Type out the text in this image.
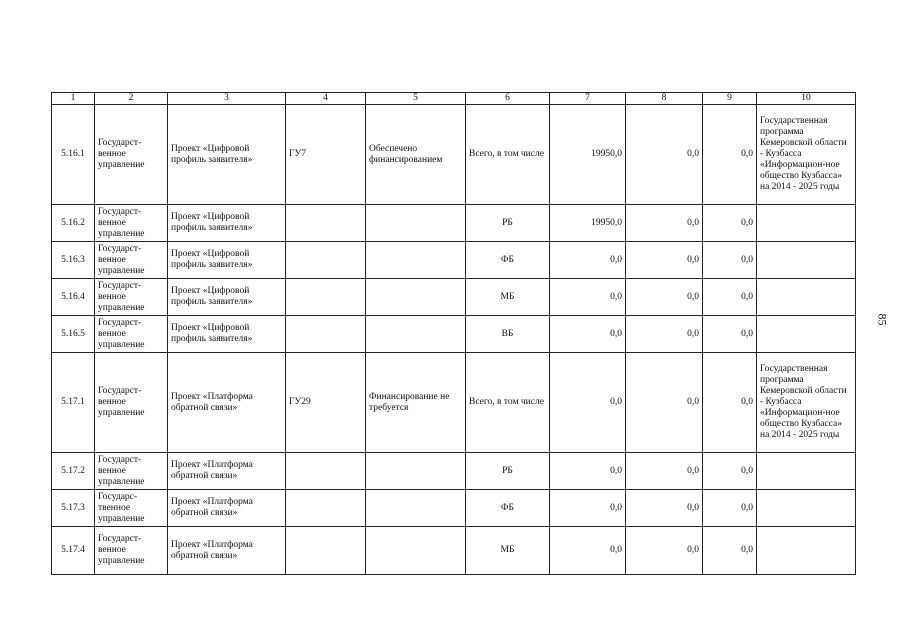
1	2	3	4	5	6	7	8	9	10
5.16.1	Государст-венное управление	Проект «Цифровой профиль заявителя»	ГУ7	Обеспечено финансированием	Всего, в том числе	19950,0	0,0	0,0	Государственная программа Кемеровской области - Кузбасса «Информацион-ное общество Кузбасса» на 2014 - 2025 годы
5.16.2	Государст-венное управление	Проект «Цифровой профиль заявителя»			РБ	19950,0	0,0	0,0	
5.16.3	Государст-венное управление	Проект «Цифровой профиль заявителя»			ФБ	0,0	0,0	0,0	
5.16.4	Государст-венное управление	Проект «Цифровой профиль заявителя»			МБ	0,0	0,0	0,0	
5.16.5	Государст-венное управление	Проект «Цифровой профиль заявителя»			ВБ	0,0	0,0	0,0	
5.17.1	Государст-венное управление	Проект «Платформа обратной связи»	ГУ29	Финансирование не требуется	Всего, в том числе	0,0	0,0	0,0	Государственная программа Кемеровской области - Кузбасса «Информацион-ное общество Кузбасса» на 2014 - 2025 годы
5.17.2	Государст-венное управление	Проект «Платформа обратной связи»			РБ	0,0	0,0	0,0	
5.17.3	Государс-твенное управление	Проект «Платформа обратной связи»			ФБ	0,0	0,0	0,0	
5.17.4	Государст-венное управление	Проект «Платформа обратной связи»			МБ	0,0	0,0	0,0	
85
